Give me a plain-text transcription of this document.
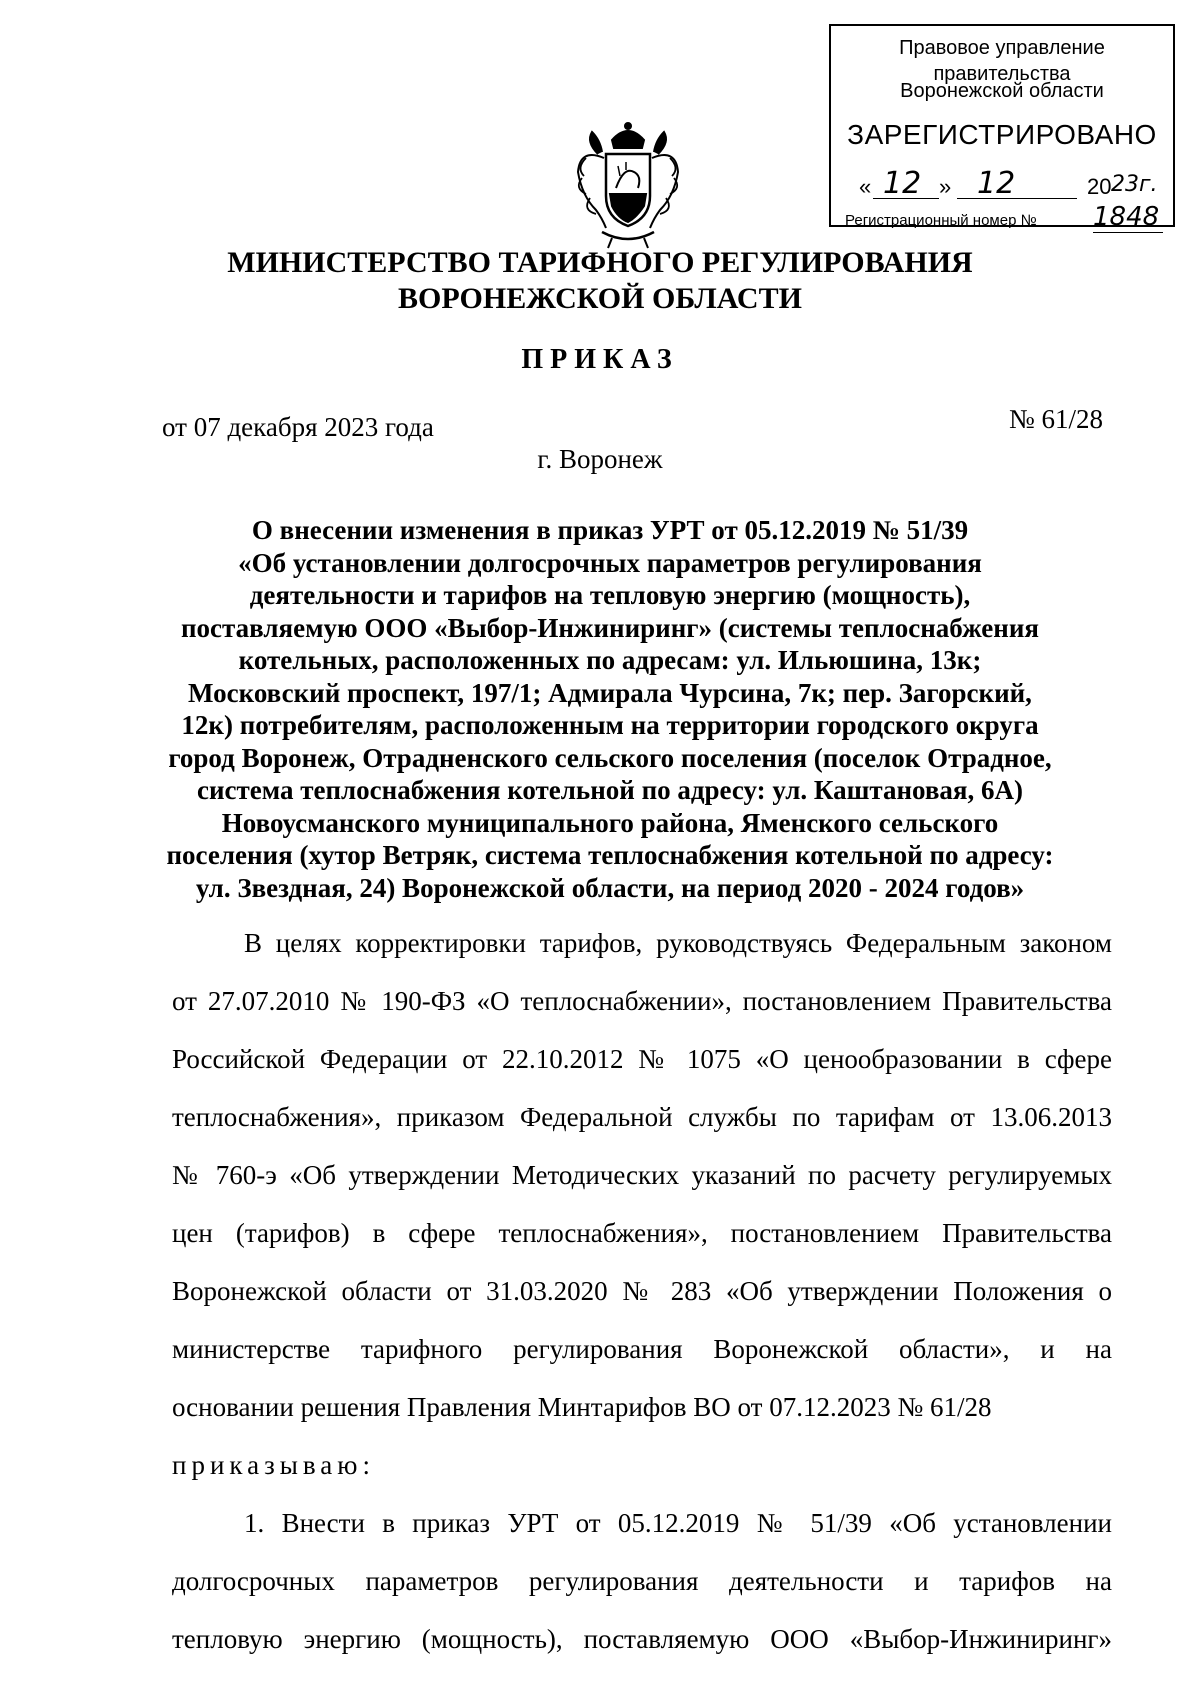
Правовое управление правительства
Воронежской области
ЗАРЕГИСТРИРОВАНО
« 12 » 12	20 23г.
Регистрационный номер № 1848
МИНИСТЕРСТВО ТАРИФНОГО РЕГУЛИРОВАНИЯ
ВОРОНЕЖСКОЙ ОБЛАСТИ
ПРИКАЗ
от 07 декабря 2023 года	№ 61/28
г. Воронеж
О внесении изменения в приказ УРТ от 05.12.2019 № 51/39
«Об установлении долгосрочных параметров регулирования
деятельности и тарифов на тепловую энергию (мощность),
поставляемую ООО «Выбор-Инжиниринг» (системы теплоснабжения
котельных, расположенных по адресам: ул. Ильюшина, 13к;
Московский проспект, 197/1; Адмирала Чурсина, 7к; пер. Загорский,
12к) потребителям, расположенным на территории городского округа
город Воронеж, Отрадненского сельского поселения (поселок Отрадное,
система теплоснабжения котельной по адресу: ул. Каштановая, 6А)
Новоусманского муниципального района, Яменского сельского
поселения (хутор Ветряк, система теплоснабжения котельной по адресу:
ул. Звездная, 24) Воронежской области, на период 2020 - 2024 годов»
В целях корректировки тарифов, руководствуясь Федеральным законом
от 27.07.2010 № 190-ФЗ «О теплоснабжении», постановлением Правительства
Российской Федерации от 22.10.2012 № 1075 «О ценообразовании в сфере
теплоснабжения», приказом Федеральной службы по тарифам от 13.06.2013
№ 760-э «Об утверждении Методических указаний по расчету регулируемых
цен (тарифов) в сфере теплоснабжения», постановлением Правительства
Воронежской области от 31.03.2020 № 283 «Об утверждении Положения о
министерстве тарифного регулирования Воронежской области», и на
основании решения Правления Минтарифов ВО от 07.12.2023 № 61/28
приказываю:
1. Внести в приказ УРТ от 05.12.2019 № 51/39 «Об установлении
долгосрочных параметров регулирования деятельности и тарифов на
тепловую энергию (мощность), поставляемую ООО «Выбор-Инжиниринг»
